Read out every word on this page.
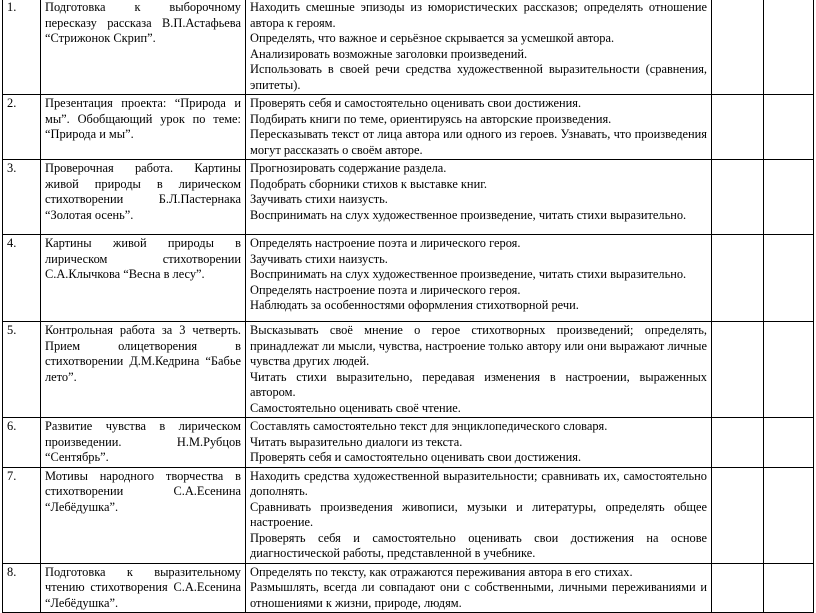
1.	Подготовка к выборочному пересказу рассказа В.П.Астафьева “Стрижонок Скрип”.	Находить смешные эпизоды из юмористических рассказов; определять отношение автора к героям.
Определять, что важное и серьёзное скрывается за усмешкой автора.
Анализировать возможные заголовки произведений.
Использовать в своей речи средства художественной выразительности (сравнения, эпитеты).		

2.	Презентация проекта: “Природа и мы”. Обобщающий урок по теме: “Природа и мы”.	Проверять себя и самостоятельно оценивать свои достижения.
Подбирать книги по теме, ориентируясь на авторские произведения.
Пересказывать текст от лица автора или одного из героев. Узнавать, что произведения могут рассказать о своём авторе.		

3.	Проверочная работа. Картины живой природы в лирическом стихотворении Б.Л.Пастернака “Золотая осень”.	Прогнозировать содержание раздела.
Подобрать сборники стихов к выставке книг.
Заучивать стихи наизусть.
Воспринимать на слух художественное произведение, читать стихи выразительно.		

4.	Картины живой природы в лирическом стихотворении С.А.Клычкова “Весна в лесу”.	Определять настроение поэта и лирического героя.
Заучивать стихи наизусть.
Воспринимать на слух художественное произведение, читать стихи выразительно.
Определять настроение поэта и лирического героя.
Наблюдать за особенностями оформления стихотворной речи.		

5.	Контрольная работа за 3 четверть. Прием олицетворения в стихотворении Д.М.Кедрина “Бабье лето”.	Высказывать своё мнение о герое стихотворных произведений; определять, принадлежат ли мысли, чувства, настроение только автору или они выражают личные чувства других людей.
Читать стихи выразительно, передавая изменения в настроении, выраженных автором.
Самостоятельно оценивать своё чтение.		

6.	Развитие чувства в лирическом произведении. Н.М.Рубцов “Сентябрь”.	Составлять самостоятельно текст для энциклопедического словаря.
Читать выразительно диалоги из текста.
Проверять себя и самостоятельно оценивать свои достижения.		

7.	Мотивы народного творчества в стихотворении С.А.Есенина “Лебёдушка”.	Находить средства художественной выразительности; сравнивать их, самостоятельно дополнять.
Сравнивать произведения живописи, музыки и литературы, определять общее настроение.
Проверять себя и самостоятельно оценивать свои достижения на основе диагностической работы, представленной в учебнике.		

8.	Подготовка к выразительному чтению стихотворения С.А.Есенина “Лебёдушка”.	Определять по тексту, как отражаются переживания автора в его стихах.
Размышлять, всегда ли совпадают они с собственными, личными переживаниями и отношениями к жизни, природе, людям.		
